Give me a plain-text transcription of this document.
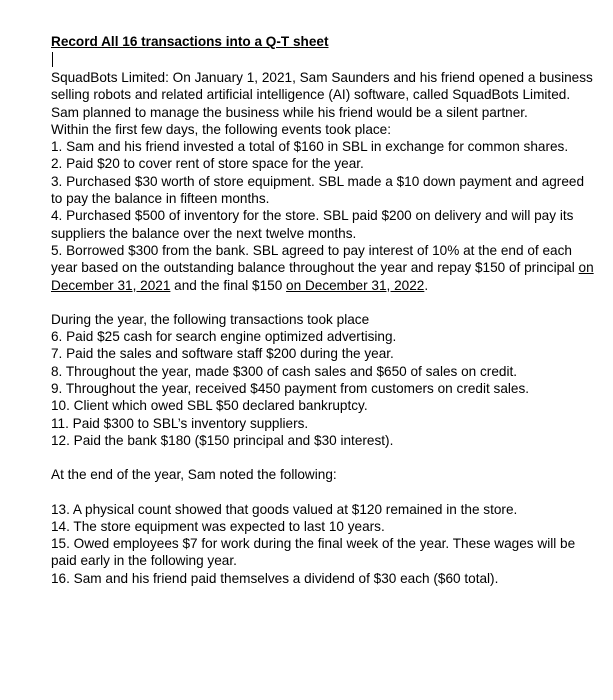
Record All 16 transactions into a Q-T sheet

SquadBots Limited: On January 1, 2021, Sam Saunders and his friend opened a business selling robots and related artificial intelligence (AI) software, called SquadBots Limited. Sam planned to manage the business while his friend would be a silent partner.

Within the first few days, the following events took place:

1. Sam and his friend invested a total of $160 in SBL in exchange for common shares.

2. Paid $20 to cover rent of store space for the year.

3. Purchased $30 worth of store equipment. SBL made a $10 down payment and agreed to pay the balance in fifteen months.

4. Purchased $500 of inventory for the store. SBL paid $200 on delivery and will pay its suppliers the balance over the next twelve months.

5. Borrowed $300 from the bank. SBL agreed to pay interest of 10% at the end of each year based on the outstanding balance throughout the year and repay $150 of principal on December 31, 2021 and the final $150 on December 31, 2022.

During the year, the following transactions took place

6. Paid $25 cash for search engine optimized advertising.

7. Paid the sales and software staff $200 during the year.

8. Throughout the year, made $300 of cash sales and $650 of sales on credit.

9. Throughout the year, received $450 payment from customers on credit sales.

10. Client which owed SBL $50 declared bankruptcy.

11. Paid $300 to SBL’s inventory suppliers.

12. Paid the bank $180 ($150 principal and $30 interest).

At the end of the year, Sam noted the following:

13. A physical count showed that goods valued at $120 remained in the store.

14. The store equipment was expected to last 10 years.

15. Owed employees $7 for work during the final week of the year. These wages will be paid early in the following year.

16. Sam and his friend paid themselves a dividend of $30 each ($60 total).
